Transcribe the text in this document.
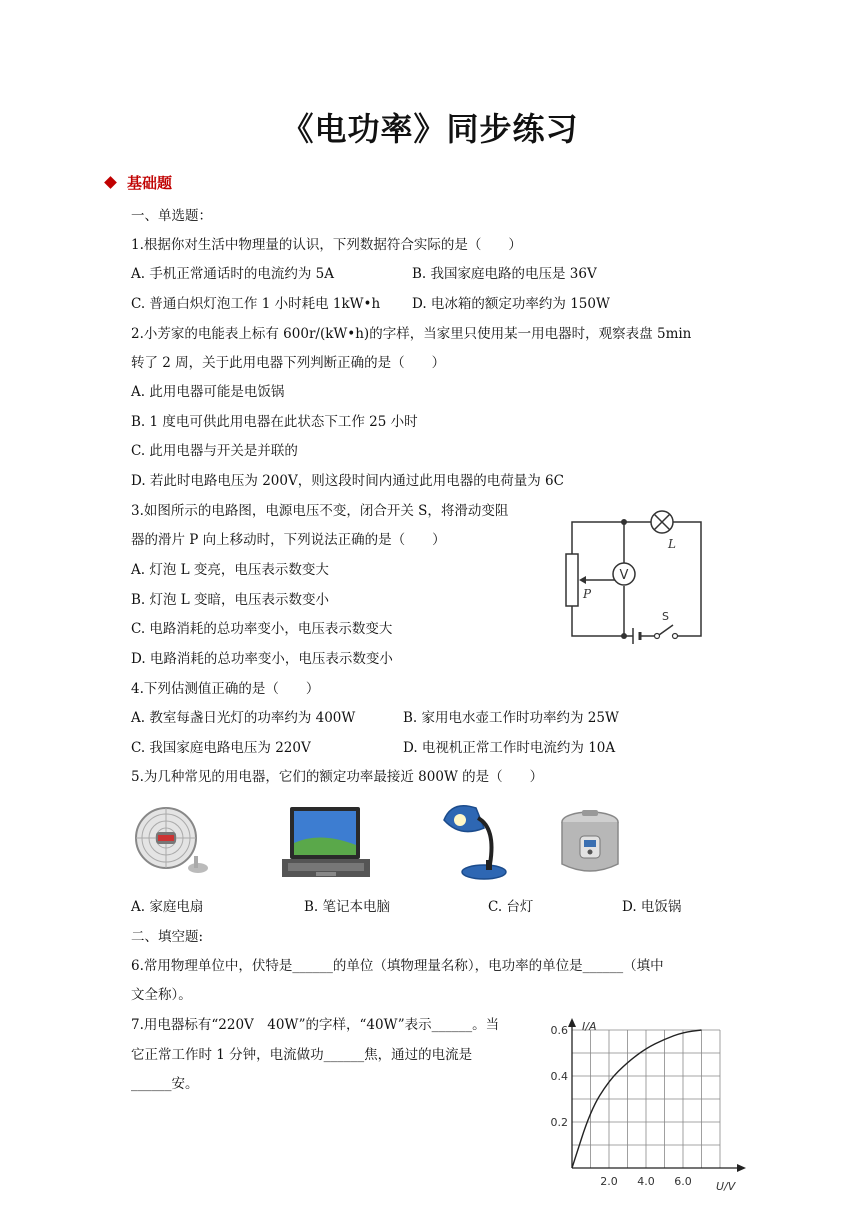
《电功率》同步练习
基础题
一、单选题：
1.根据你对生活中物理量的认识，下列数据符合实际的是（　　）
A. 手机正常通话时的电流约为 5A	B. 我国家庭电路的电压是 36V
C. 普通白炽灯泡工作 1 小时耗电 1kW•h D. 电冰箱的额定功率约为 150W
2.小芳家的电能表上标有 600r/(kW•h)的字样，当家里只使用某一用电器时，观察表盘 5min
转了 2 周，关于此用电器下列判断正确的是（　　）
A. 此用电器可能是电饭锅
B. 1 度电可供此用电器在此状态下工作 25 小时
C. 此用电器与开关是并联的
D. 若此时电路电压为 200V，则这段时间内通过此用电器的电荷量为 6C
3.如图所示的电路图，电源电压不变，闭合开关 S，将滑动变阻
器的滑片 P 向上移动时，下列说法正确的是（　　）
A. 灯泡 L 变亮，电压表示数变大
B. 灯泡 L 变暗，电压表示数变小
C. 电路消耗的总功率变小，电压表示数变大
D. 电路消耗的总功率变小，电压表示数变小
V
L
P
S
4.下列估测值正确的是（　　）
A. 教室每盏日光灯的功率约为 400W	B. 家用电水壶工作时功率约为 25W
C. 我国家庭电路电压为 220V	D. 电视机正常工作时电流约为 10A
5.为几种常见的用电器，它们的额定功率最接近 800W 的是（　　）
A. 家庭电扇	B. 笔记本电脑	C. 台灯	D. 电饭锅
二、填空题:
6.常用物理单位中，伏特是______的单位（填物理量名称），电功率的单位是______（填中
文全称）。
7.用电器标有“220V　40W”的字样，“40W”表示______。当
它正常工作时 1 分钟，电流做功______焦，通过的电流是
______安。
I/A
U/V
0.2
0.4
0.6
2.0 4.0 6.0
